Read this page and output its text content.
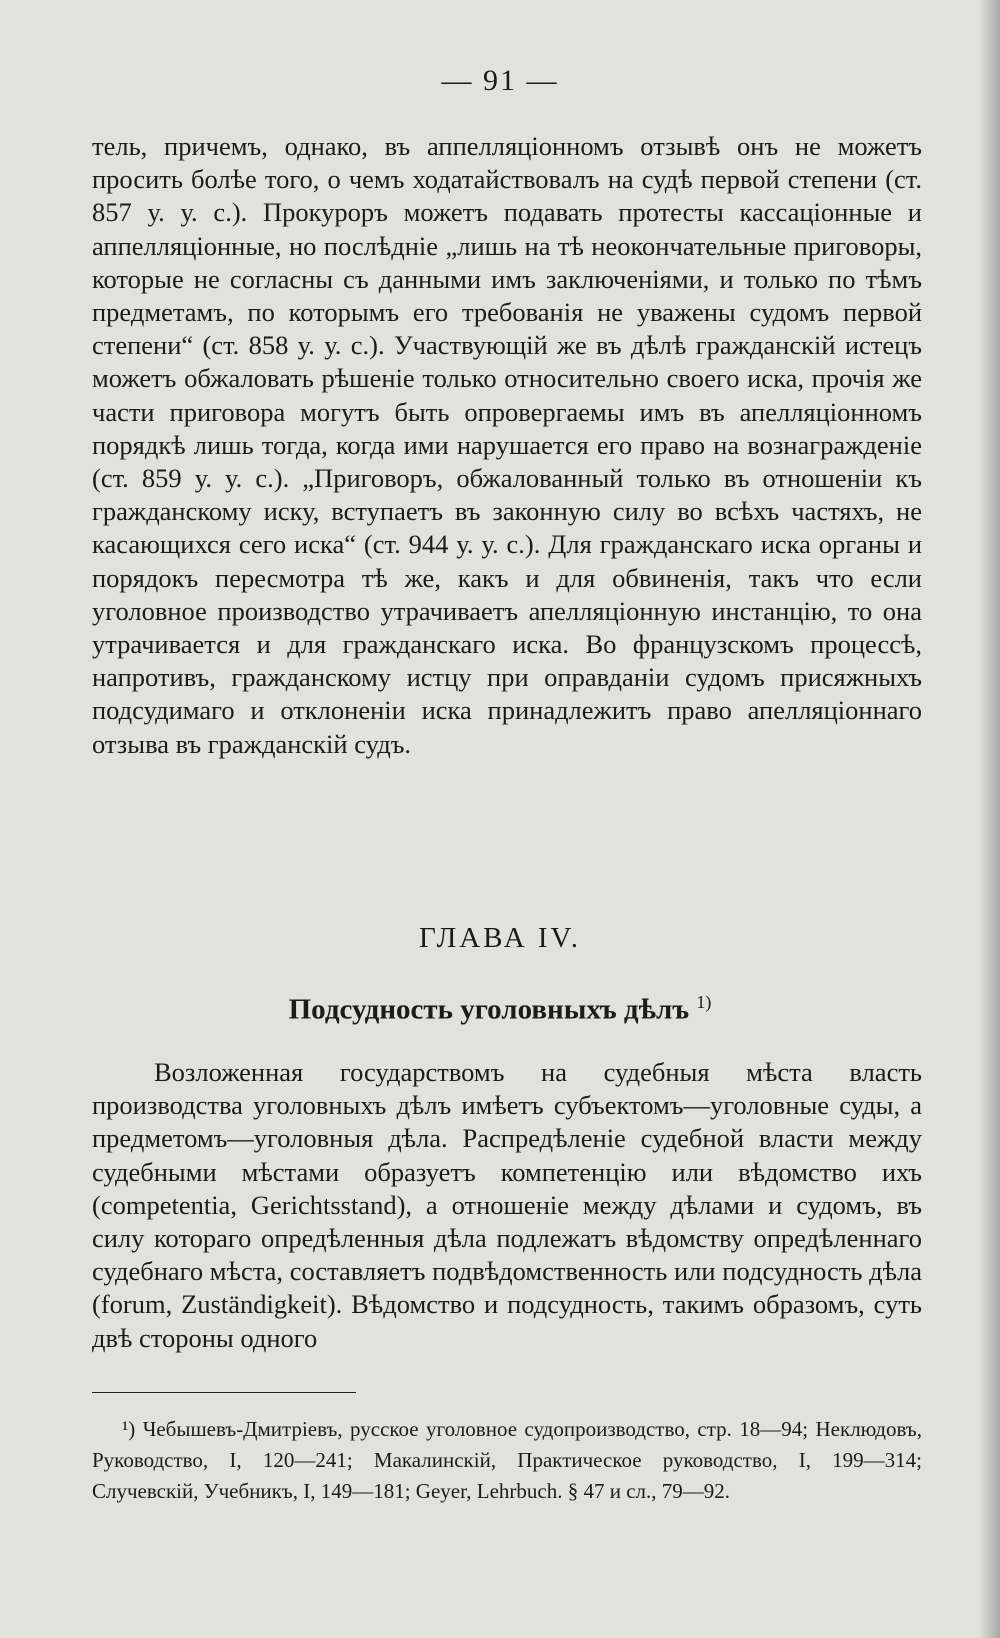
— 91 —
тель, причемъ, однако, въ аппелляціонномъ отзывѣ онъ не можетъ просить болѣе того, о чемъ ходатайствовалъ на судѣ первой степени (ст. 857 у. у. с.). Прокуроръ можетъ подавать протесты кассаціонные и аппелляціонные, но послѣдніе „лишь на тѣ неокончательные приговоры, которые не согласны съ данными имъ заключеніями, и только по тѣмъ предметамъ, по которымъ его требованія не уважены судомъ первой степени“ (ст. 858 у. у. с.). Участвующій же въ дѣлѣ гражданскій истецъ можетъ обжаловать рѣшеніе только относительно своего иска, прочія же части приговора могутъ быть опровергаемы имъ въ апелляціонномъ порядкѣ лишь тогда, когда ими нарушается его право на вознагражденіе (ст. 859 у. у. с.). „Приговоръ, обжалованный только въ отношеніи къ гражданскому иску, вступаетъ въ законную силу во всѣхъ частяхъ, не касающихся сего иска“ (ст. 944 у. у. с.). Для гражданскаго иска органы и порядокъ пересмотра тѣ же, какъ и для обвиненія, такъ что если уголовное производство утрачиваетъ апелляціонную инстанцію, то она утрачивается и для гражданскаго иска. Во французскомъ процессѣ, напротивъ, гражданскому истцу при оправданіи судомъ присяжныхъ подсудимаго и отклоненіи иска принадлежитъ право апелляціоннаго отзыва въ гражданскій судъ.
ГЛАВА IV.
Подсудность уголовныхъ дѣлъ $^{1)}$
Возложенная государствомъ на судебныя мѣста власть производства уголовныхъ дѣлъ имѣетъ субъектомъ—уголовные суды, а предметомъ—уголовныя дѣла. Распредѣленіе судебной власти между судебными мѣстами образуетъ компетенцію или вѣдомство ихъ (competentia, Gerichtsstand), а отношеніе между дѣлами и судомъ, въ силу котораго опредѣленныя дѣла подлежатъ вѣдомству опредѣленнаго судебнаго мѣста, составляетъ подвѣдомственность или подсудность дѣла (forum, Zuständigkeit). Вѣдомство и подсудность, такимъ образомъ, суть двѣ стороны одного
¹) Чебышевъ-Дмитріевъ, русское уголовное судопроизводство, стр. 18—94; Неклюдовъ, Руководство, I, 120—241; Макалинскій, Практическое руководство, I, 199—314; Случевскій, Учебникъ, I, 149—181; Geyer, Lehrbuch. § 47 и сл., 79—92.
